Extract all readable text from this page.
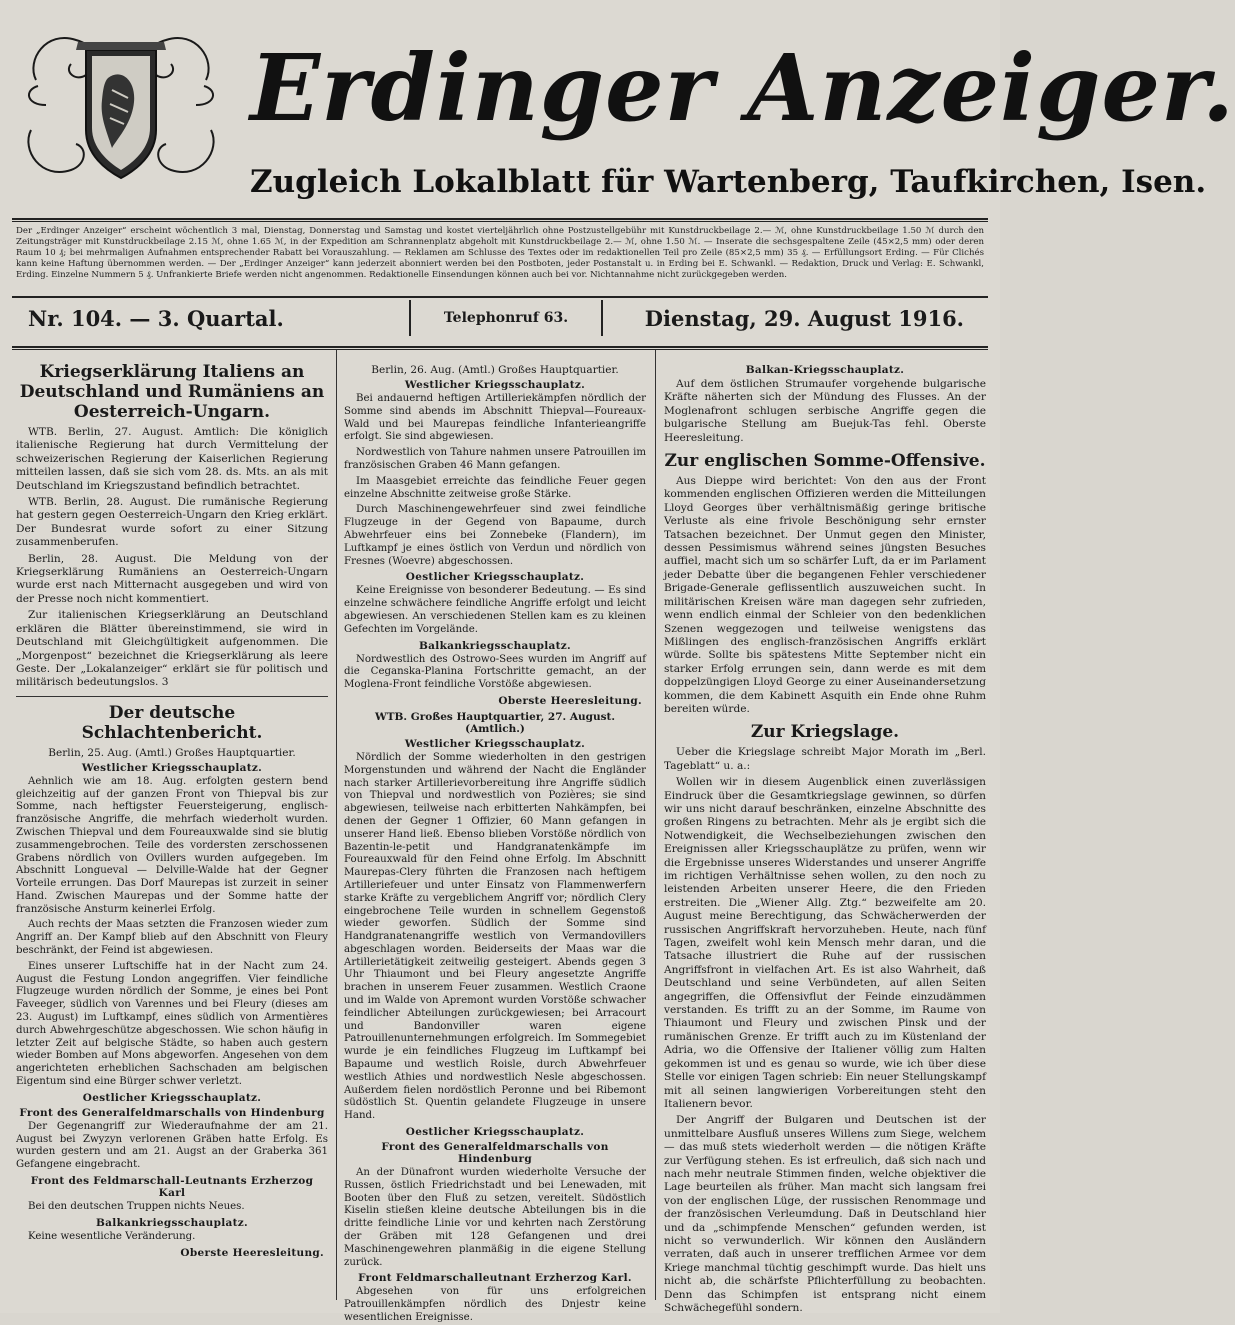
Erdinger Anzeiger.
Zugleich Lokalblatt für Wartenberg, Taufkirchen, Isen.
Der „Erdinger Anzeiger“ erscheint wöchentlich 3 mal, Dienstag, Donnerstag und Samstag und kostet vierteljährlich ohne Postzustellgebühr mit Kunstdruckbeilage 2.— ℳ, ohne Kunstdruckbeilage 1.50 ℳ durch den Zeitungsträger mit Kunstdruckbeilage 2.15 ℳ, ohne 1.65 ℳ, in der Expedition am Schrannenplatz abgeholt mit Kunstdruckbeilage 2.— ℳ, ohne 1.50 ℳ. — Inserate die sechsgespaltene Zeile (45×2,5 mm) oder deren Raum 10 ₰; bei mehrmaligen Aufnahmen entsprechender Rabatt bei Vorauszahlung. — Reklamen am Schlusse des Textes oder im redaktionellen Teil pro Zeile (85×2,5 mm) 35 ₰. — Erfüllungsort Erding. — Für Clichés kann keine Haftung übernommen werden. — Der „Erdinger Anzeiger“ kann jederzeit abonniert werden bei den Postboten, jeder Postanstalt u. in Erding bei E. Schwankl. — Redaktion, Druck und Verlag: E. Schwankl, Erding. Einzelne Nummern 5 ₰. Unfrankierte Briefe werden nicht angenommen. Redaktionelle Einsendungen können auch bei vor. Nichtannahme nicht zurückgegeben werden.
Nr. 104. — 3. Quartal.	Telephonruf 63.	Dienstag, 29. August 1916.
Kriegserklärung Italiens an Deutschland und Rumäniens an Oesterreich-Ungarn.

WTB. Berlin, 27. August. Amtlich: Die königlich italienische Regierung hat durch Vermittelung der schweizerischen Regierung der Kaiserlichen Regierung mitteilen lassen, daß sie sich vom 28. ds. Mts. an als mit Deutschland im Kriegszustand befindlich betrachtet.

WTB. Berlin, 28. August. Die rumänische Regierung hat gestern gegen Oesterreich-Ungarn den Krieg erklärt. Der Bundesrat wurde sofort zu einer Sitzung zusammenberufen.

Berlin, 28. August. Die Meldung von der Kriegserklärung Rumäniens an Oesterreich-Ungarn wurde erst nach Mitternacht ausgegeben und wird von der Presse noch nicht kommentiert.

Zur italienischen Kriegserklärung an Deutschland erklären die Blätter übereinstimmend, sie wird in Deutschland mit Gleichgültigkeit aufgenommen. Die „Morgenpost“ bezeichnet die Kriegserklärung als leere Geste. Der „Lokalanzeiger“ erklärt sie für politisch und militärisch bedeutungslos. 3

Der deutsche Schlachtenbericht.
Berlin, 25. Aug. (Amtl.) Großes Hauptquartier.
Westlicher Kriegsschauplatz.

Aehnlich wie am 18. Aug. erfolgten gestern bend gleichzeitig auf der ganzen Front von Thiepval bis zur Somme, nach heftigster Feuersteigerung, englisch-französische Angriffe, die mehrfach wiederholt wurden. Zwischen Thiepval und dem Foureauxwalde sind sie blutig zusammengebrochen. Teile des vordersten zerschossenen Grabens nördlich von Ovillers wurden aufgegeben. Im Abschnitt Longueval — Delville-Walde hat der Gegner Vorteile errungen. Das Dorf Maurepas ist zurzeit in seiner Hand. Zwischen Maurepas und der Somme hatte der französische Ansturm keinerlei Erfolg.

Auch rechts der Maas setzten die Franzosen wieder zum Angriff an. Der Kampf blieb auf den Abschnitt von Fleury beschränkt, der Feind ist abgewiesen.

Eines unserer Luftschiffe hat in der Nacht zum 24. August die Festung London angegriffen. Vier feindliche Flugzeuge wurden nördlich der Somme, je eines bei Pont Faveeger, südlich von Varennes und bei Fleury (dieses am 23. August) im Luftkampf, eines südlich von Armentières durch Abwehrgeschütze abgeschossen. Wie schon häufig in letzter Zeit auf belgische Städte, so haben auch gestern wieder Bomben auf Mons abgeworfen. Angesehen von dem angerichteten erheblichen Sachschaden am belgischen Eigentum sind eine Bürger schwer verletzt.

Oestlicher Kriegsschauplatz.
Front des Generalfeldmarschalls von Hindenburg

Der Gegenangriff zur Wiederaufnahme der am 21. August bei Zwyzyn verlorenen Gräben hatte Erfolg. Es wurden gestern und am 21. Augst an der Graberka 361 Gefangene eingebracht.

Front des Feldmarschall-Leutnants Erzherzog Karl

Bei den deutschen Truppen nichts Neues.

Balkankriegsschauplatz.

Keine wesentliche Veränderung.

Oberste Heeresleitung.
Berlin, 26. Aug. (Amtl.) Großes Hauptquartier.
Westlicher Kriegsschauplatz.

Bei andauernd heftigen Artilleriekämpfen nördlich der Somme sind abends im Abschnitt Thiepval—Foureaux-Wald und bei Maurepas feindliche Infanterieangriffe erfolgt. Sie sind abgewiesen.

Nordwestlich von Tahure nahmen unsere Patrouillen im französischen Graben 46 Mann gefangen.

Im Maasgebiet erreichte das feindliche Feuer gegen einzelne Abschnitte zeitweise große Stärke.

Durch Maschinengewehrfeuer sind zwei feindliche Flugzeuge in der Gegend von Bapaume, durch Abwehrfeuer eins bei Zonnebeke (Flandern), im Luftkampf je eines östlich von Verdun und nördlich von Fresnes (Woevre) abgeschossen.

Oestlicher Kriegsschauplatz.

Keine Ereignisse von besonderer Bedeutung. — Es sind einzelne schwächere feindliche Angriffe erfolgt und leicht abgewiesen. An verschiedenen Stellen kam es zu kleinen Gefechten im Vorgelände.

Balkankriegsschauplatz.

Nordwestlich des Ostrowo-Sees wurden im Angriff auf die Ceganska-Planina Fortschritte gemacht, an der Moglena-Front feindliche Vorstöße abgewiesen.

Oberste Heeresleitung.
WTB. Großes Hauptquartier, 27. August. (Amtlich.)
Westlicher Kriegsschauplatz.

Nördlich der Somme wiederholten in den gestrigen Morgenstunden und während der Nacht die Engländer nach starker Artillerievorbereitung ihre Angriffe südlich von Thiepval und nordwestlich von Pozières; sie sind abgewiesen, teilweise nach erbitterten Nahkämpfen, bei denen der Gegner 1 Offizier, 60 Mann gefangen in unserer Hand ließ. Ebenso blieben Vorstöße nördlich von Bazentin-le-petit und Handgranatenkämpfe im Foureauxwald für den Feind ohne Erfolg. Im Abschnitt Maurepas-Clery führten die Franzosen nach heftigem Artilleriefeuer und unter Einsatz von Flammenwerfern starke Kräfte zu vergeblichem Angriff vor; nördlich Clery eingebrochene Teile wurden in schnellem Gegenstoß wieder geworfen. Südlich der Somme sind Handgranatenangriffe westlich von Vermandovillers abgeschlagen worden. Beiderseits der Maas war die Artillerietätigkeit zeitweilig gesteigert. Abends gegen 3 Uhr Thiaumont und bei Fleury angesetzte Angriffe brachen in unserem Feuer zusammen. Westlich Craone und im Walde von Apremont wurden Vorstöße schwacher feindlicher Abteilungen zurückgewiesen; bei Arracourt und Bandonviller waren eigene Patrouillenunternehmungen erfolgreich. Im Sommegebiet wurde je ein feindliches Flugzeug im Luftkampf bei Bapaume und westlich Roisle, durch Abwehrfeuer westlich Athies und nordwestlich Nesle abgeschossen. Außerdem fielen nordöstlich Peronne und bei Ribemont südöstlich St. Quentin gelandete Flugzeuge in unsere Hand.

Oestlicher Kriegsschauplatz.
Front des Generalfeldmarschalls von Hindenburg

An der Dünafront wurden wiederholte Versuche der Russen, östlich Friedrichstadt und bei Lenewaden, mit Booten über den Fluß zu setzen, vereitelt. Südöstlich Kiselin stießen kleine deutsche Abteilungen bis in die dritte feindliche Linie vor und kehrten nach Zerstörung der Gräben mit 128 Gefangenen und drei Maschinengewehren planmäßig in die eigene Stellung zurück.

Front Feldmarschalleutnant Erzherzog Karl.

Abgesehen von für uns erfolgreichen Patrouillenkämpfen nördlich des Dnjestr keine wesentlichen Ereignisse.

Balkan-Kriegsschauplatz.

Auf dem östlichen Strumaufer vorgehende bulgarische Kräfte näherten sich der Mündung des Flusses. An der Moglenafront schlugen serbische Angriffe gegen die bulgarische Stellung am Buejuk-Tas fehl. Oberste Heeresleitung.

Zur englischen Somme-Offensive.

Aus Dieppe wird berichtet: Von den aus der Front kommenden englischen Offizieren werden die Mitteilungen Lloyd Georges über verhältnismäßig geringe britische Verluste als eine frivole Beschönigung sehr ernster Tatsachen bezeichnet. Der Unmut gegen den Minister, dessen Pessimismus während seines jüngsten Besuches auffiel, macht sich um so schärfer Luft, da er im Parlament jeder Debatte über die begangenen Fehler verschiedener Brigade-Generale geflissentlich auszuweichen sucht. In militärischen Kreisen wäre man dagegen sehr zufrieden, wenn endlich einmal der Schleier von den bedenklichen Szenen weggezogen und teilweise wenigstens das Mißlingen des englisch-französischen Angriffs erklärt würde. Sollte bis spätestens Mitte September nicht ein starker Erfolg errungen sein, dann werde es mit dem doppelzüngigen Lloyd George zu einer Auseinandersetzung kommen, die dem Kabinett Asquith ein Ende ohne Ruhm bereiten würde.

Zur Kriegslage.

Ueber die Kriegslage schreibt Major Morath im „Berl. Tageblatt“ u. a.:

Wollen wir in diesem Augenblick einen zuverlässigen Eindruck über die Gesamtkriegslage gewinnen, so dürfen wir uns nicht darauf beschränken, einzelne Abschnitte des großen Ringens zu betrachten. Mehr als je ergibt sich die Notwendigkeit, die Wechselbeziehungen zwischen den Ereignissen aller Kriegsschauplätze zu prüfen, wenn wir die Ergebnisse unseres Widerstandes und unserer Angriffe im richtigen Verhältnisse sehen wollen, zu den noch zu leistenden Arbeiten unserer Heere, die den Frieden erstreiten. Die „Wiener Allg. Ztg.“ bezweifelte am 20. August meine Berechtigung, das Schwächerwerden der russischen Angriffskraft hervorzuheben. Heute, nach fünf Tagen, zweifelt wohl kein Mensch mehr daran, und die Tatsache illustriert die Ruhe auf der russischen Angriffsfront in vielfachen Art. Es ist also Wahrheit, daß Deutschland und seine Verbündeten, auf allen Seiten angegriffen, die Offensivflut der Feinde einzudämmen verstanden. Es trifft zu an der Somme, im Raume von Thiaumont und Fleury und zwischen Pinsk und der rumänischen Grenze. Er trifft auch zu im Küstenland der Adria, wo die Offensive der Italiener völlig zum Halten gekommen ist und es genau so wurde, wie ich über diese Stelle vor einigen Tagen schrieb: Ein neuer Stellungskampf mit all seinen langwierigen Vorbereitungen steht den Italienern bevor.

Der Angriff der Bulgaren und Deutschen ist der unmittelbare Ausfluß unseres Willens zum Siege, welchem — das muß stets wiederholt werden — die nötigen Kräfte zur Verfügung stehen. Es ist erfreulich, daß sich nach und nach mehr neutrale Stimmen finden, welche objektiver die Lage beurteilen als früher. Man macht sich langsam frei von der englischen Lüge, der russischen Renommage und der französischen Verleumdung. Daß in Deutschland hier und da „schimpfende Menschen“ gefunden werden, ist nicht so verwunderlich. Wir können den Ausländern verraten, daß auch in unserer trefflichen Armee vor dem Kriege manchmal tüchtig geschimpft wurde. Das hielt uns nicht ab, die schärfste Pflichterfüllung zu beobachten. Denn das Schimpfen ist entsprang nicht einem Schwächegefühl sondern.
